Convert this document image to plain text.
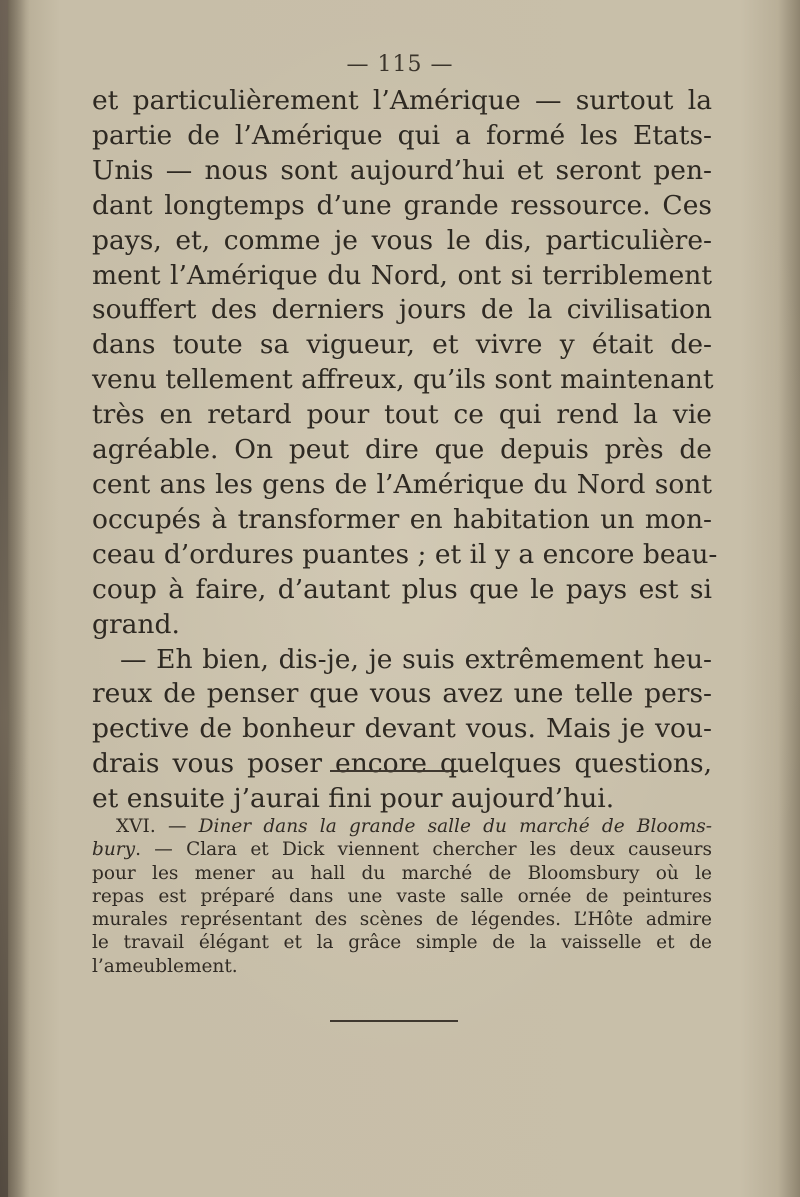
— 115 —
et particulièrement l’Amérique — surtout la
partie de l’Amérique qui a formé les Etats-
Unis — nous sont aujourd’hui et seront pen-
dant longtemps d’une grande ressource. Ces
pays, et, comme je vous le dis, particulière-
ment l’Amérique du Nord, ont si terriblement
souffert des derniers jours de la civilisation
dans toute sa vigueur, et vivre y était de-
venu tellement affreux, qu’ils sont maintenant
très en retard pour tout ce qui rend la vie
agréable. On peut dire que depuis près de
cent ans les gens de l’Amérique du Nord sont
occupés à transformer en habitation un mon-
ceau d’ordures puantes ; et il y a encore beau-
coup à faire, d’autant plus que le pays est si
grand.
— Eh bien, dis-je, je suis extrêmement heu-
reux de penser que vous avez une telle pers-
pective de bonheur devant vous. Mais je vou-
drais vous poser encore quelques questions,
et ensuite j’aurai fini pour aujourd’hui.
XVI. — Diner dans la grande salle du marché de Blooms-
bury. — Clara et Dick viennent chercher les deux causeurs
pour les mener au hall du marché de Bloomsbury où le
repas est préparé dans une vaste salle ornée de peintures
murales représentant des scènes de légendes. L’Hôte admire
le travail élégant et la grâce simple de la vaisselle et de
l’ameublement.
